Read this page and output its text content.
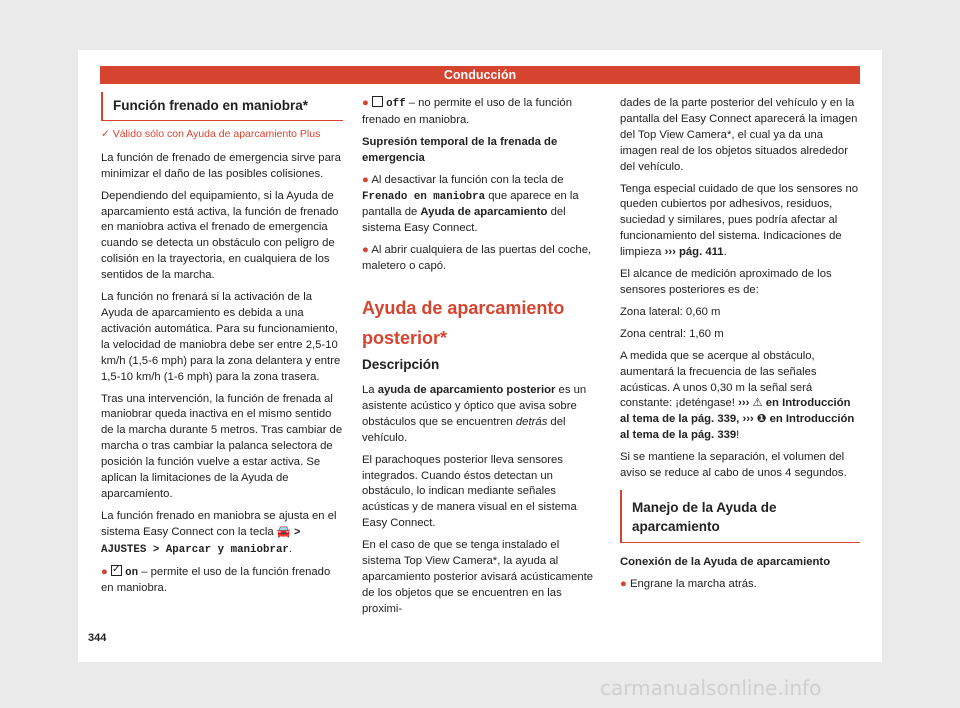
Conducción
Función frenado en maniobra*
✓ Válido sólo con Ayuda de aparcamiento Plus

La función de frenado de emergencia sirve para minimizar el daño de las posibles colisiones.

Dependiendo del equipamiento, si la Ayuda de aparcamiento está activa, la función de frenado en maniobra activa el frenado de emergencia cuando se detecta un obstáculo con peligro de colisión en la trayectoria, en cualquiera de los sentidos de la marcha.

La función no frenará si la activación de la Ayuda de aparcamiento es debida a una activación automática. Para su funcionamiento, la velocidad de maniobra debe ser entre 2,5-10 km/h (1,5-6 mph) para la zona delantera y entre 1,5-10 km/h (1-6 mph) para la zona trasera.

Tras una intervención, la función de frenada al maniobrar queda inactiva en el mismo sentido de la marcha durante 5 metros. Tras cambiar de marcha o tras cambiar la palanca selectora de posición la función vuelve a estar activa. Se aplican la limitaciones de la Ayuda de aparcamiento.

La función frenado en maniobra se ajusta en el sistema Easy Connect con la tecla 🚘 > AJUSTES > Aparcar y maniobrar.

● ✓ on – permite el uso de la función frenado en maniobra.

● off – no permite el uso de la función frenado en maniobra.

Supresión temporal de la frenada de emergencia

● Al desactivar la función con la tecla de Frenado en maniobra que aparece en la pantalla de Ayuda de aparcamiento del sistema Easy Connect.

● Al abrir cualquiera de las puertas del coche, maletero o capó.

Ayuda de aparcamiento posterior*
Descripción

La ayuda de aparcamiento posterior es un asistente acústico y óptico que avisa sobre obstáculos que se encuentren detrás del vehículo.

El parachoques posterior lleva sensores integrados. Cuando éstos detectan un obstáculo, lo indican mediante señales acústicas y de manera visual en el sistema Easy Connect.

En el caso de que se tenga instalado el sistema Top View Camera*, la ayuda al aparcamiento posterior avisará acústicamente de los objetos que se encuentren en las proximi-

dades de la parte posterior del vehículo y en la pantalla del Easy Connect aparecerá la imagen del Top View Camera*, el cual ya da una imagen real de los objetos situados alrededor del vehículo.

Tenga especial cuidado de que los sensores no queden cubiertos por adhesivos, residuos, suciedad y similares, pues podría afectar al funcionamiento del sistema. Indicaciones de limpieza ››› pág. 411.

El alcance de medición aproximado de los sensores posteriores es de:

Zona lateral: 0,60 m

Zona central: 1,60 m

A medida que se acerque al obstáculo, aumentará la frecuencia de las señales acústicas. A unos 0,30 m la señal será constante: ¡deténgase! ››› ⚠ en Introducción al tema de la pág. 339, ››› ❶ en Introducción al tema de la pág. 339!

Si se mantiene la separación, el volumen del aviso se reduce al cabo de unos 4 segundos.

Manejo de la Ayuda de aparcamiento

Conexión de la Ayuda de aparcamiento

● Engrane la marcha atrás.

344
carmanualsonline.info
